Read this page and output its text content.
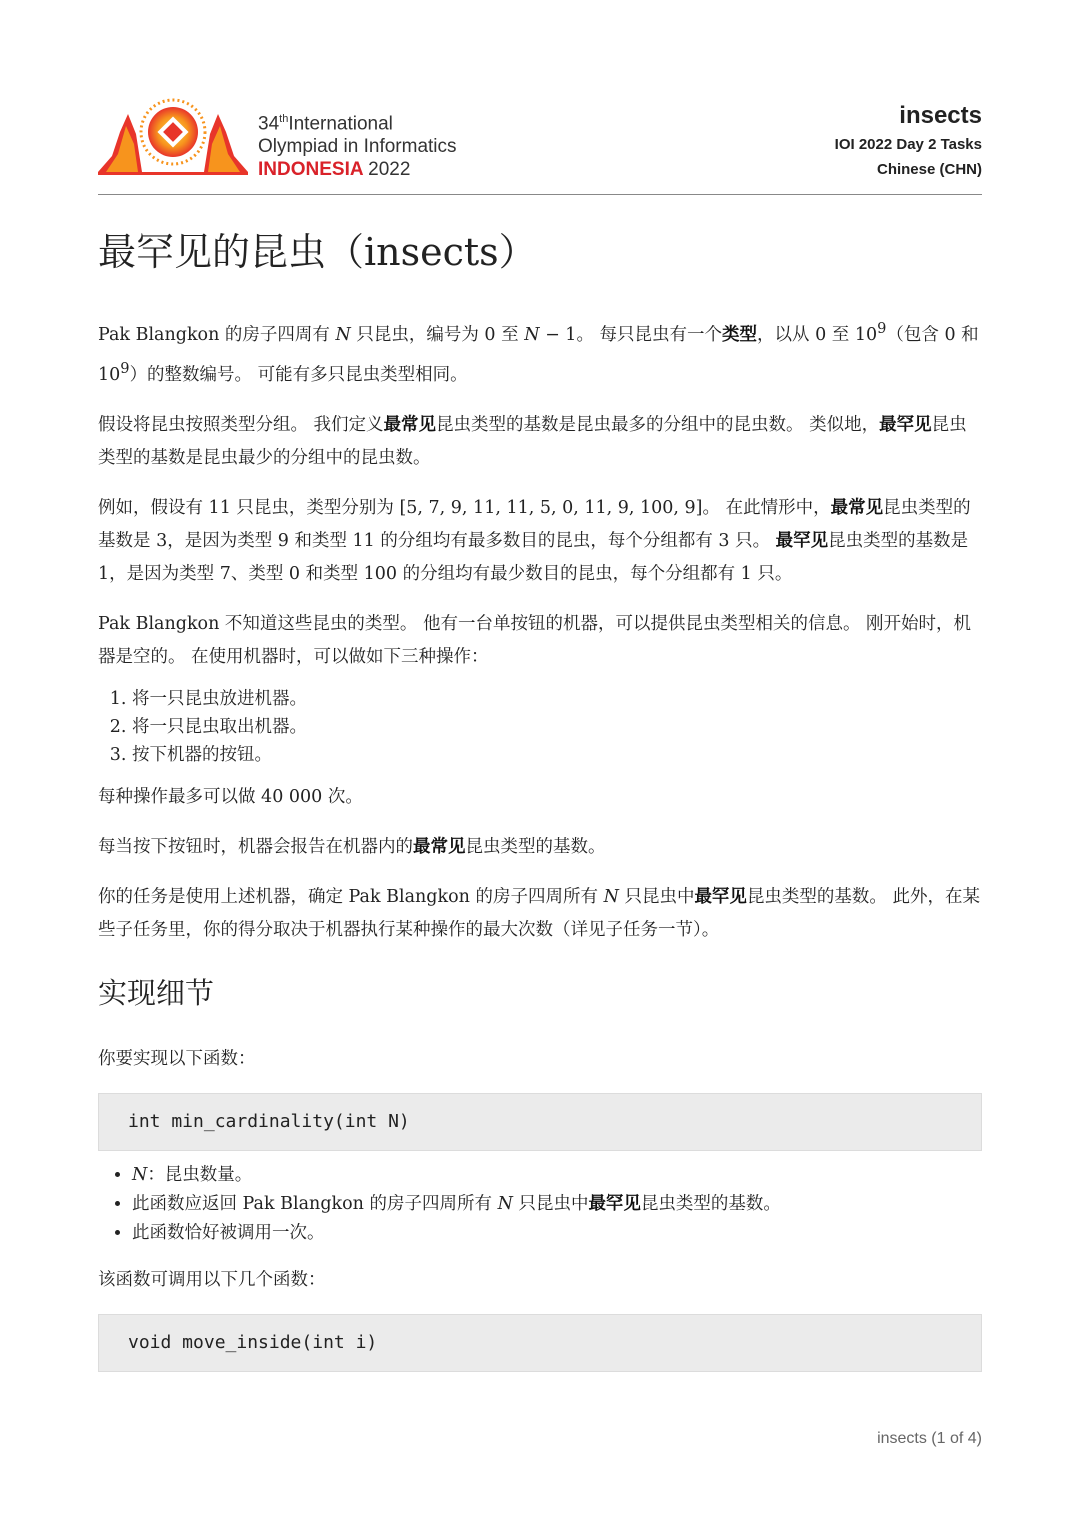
34thInternational
Olympiad in Informatics
INDONESIA 2022
insects
IOI 2022 Day 2 Tasks
Chinese (CHN)
最罕见的昆虫（insects）

Pak Blangkon 的房子四周有 N 只昆虫，编号为 0 至 N − 1。 每只昆虫有一个类型，以从 0 至 $10^9$（包含 0 和 $10^9$）的整数编号。 可能有多只昆虫类型相同。

假设将昆虫按照类型分组。 我们定义最常见昆虫类型的基数是昆虫最多的分组中的昆虫数。 类似地，最罕见昆虫类型的基数是昆虫最少的分组中的昆虫数。

例如，假设有 11 只昆虫，类型分别为 [5, 7, 9, 11, 11, 5, 0, 11, 9, 100, 9]。 在此情形中，最常见昆虫类型的基数是 3，是因为类型 9 和类型 11 的分组均有最多数目的昆虫，每个分组都有 3 只。 最罕见昆虫类型的基数是 1，是因为类型 7、类型 0 和类型 100 的分组均有最少数目的昆虫，每个分组都有 1 只。

Pak Blangkon 不知道这些昆虫的类型。 他有一台单按钮的机器，可以提供昆虫类型相关的信息。 刚开始时，机器是空的。 在使用机器时，可以做如下三种操作：

1. 将一只昆虫放进机器。
2. 将一只昆虫取出机器。
3. 按下机器的按钮。

每种操作最多可以做 40 000 次。

每当按下按钮时，机器会报告在机器内的最常见昆虫类型的基数。

你的任务是使用上述机器，确定 Pak Blangkon 的房子四周所有 N 只昆虫中最罕见昆虫类型的基数。 此外，在某些子任务里，你的得分取决于机器执行某种操作的最大次数（详见子任务一节）。

实现细节

你要实现以下函数：

int min_cardinality(int N)
• N：昆虫数量。
• 此函数应返回 Pak Blangkon 的房子四周所有 N 只昆虫中最罕见昆虫类型的基数。
• 此函数恰好被调用一次。

该函数可调用以下几个函数：

void move_inside(int i)
insects (1 of 4)
